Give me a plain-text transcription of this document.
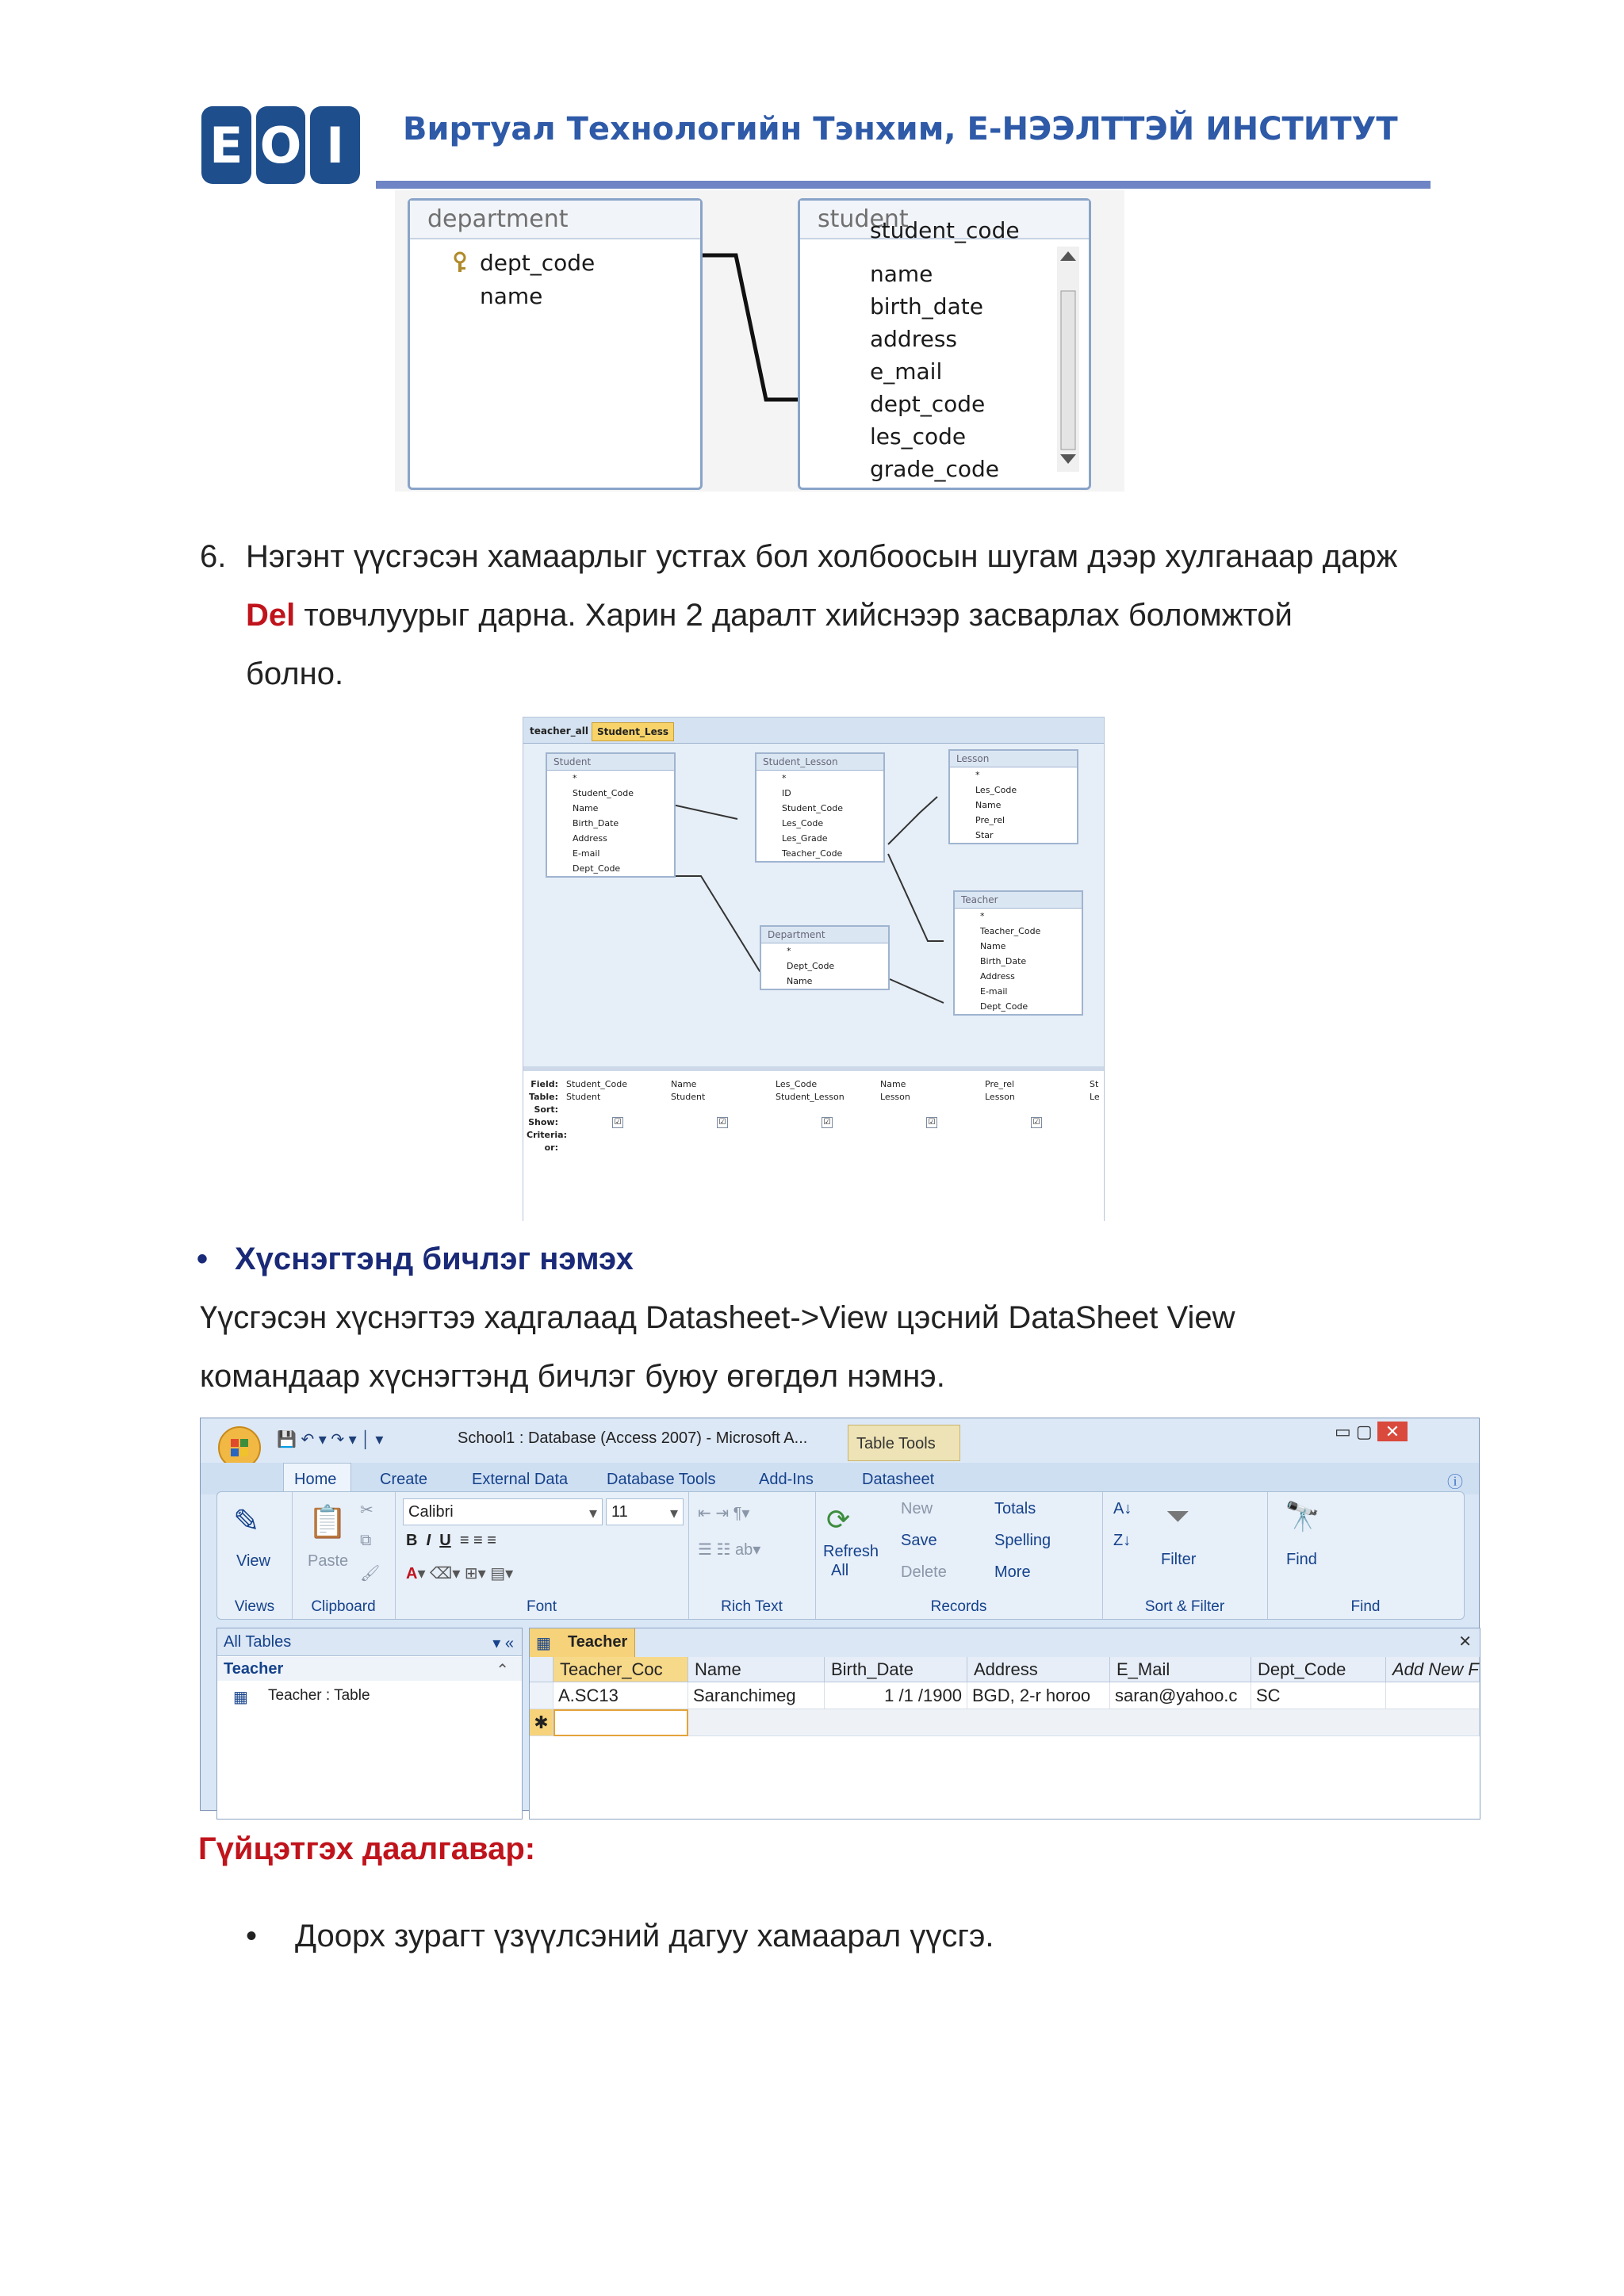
E O I	Виртуал Технологийн Тэнхим, Е-НЭЭЛТТЭЙ ИНСТИТУТ
department
dept_code
name
student
student_code
name
birth_date
address
e_mail
dept_code
les_code
grade_code
6. Нэгэнт үүсгэсэн хамаарлыг устгах бол холбоосын шугам дээр хулганаар дарж
Del товчлуурыг дарна. Харин 2 даралт хийснээр засварлах боломжтой
болно.
teacher_all Student_Less
Student
*
Student_Code
Name
Birth_Date
Address
E-mail
Dept_Code
Student_Lesson
*
ID
Student_Code
Les_Code
Les_Grade
Teacher_Code
Lesson
*
Les_Code
Name
Pre_rel
Star
Department
*
Dept_Code
Name
Teacher
*
Teacher_Code
Name
Birth_Date
Address
E-mail
Dept_Code
Field:
Table:
Sort:
Show:
Criteria:
or:
Student_Code
Student
☑
Name
Student
☑
Les_Code
Student_Lesson
☑
Name
Lesson
☑
Pre_rel
Lesson
☑
St
Le
• Хүснэгтэнд бичлэг нэмэх
Үүсгэсэн хүснэгтээ хадгалаад Datasheet->View цэсний DataSheet View
командаар хүснэгтэнд бичлэг буюу өгөгдөл нэмнэ.
💾 ↶ ▾ ↷ ▾ │ ▾	School1 : Database (Access 2007) - Microsoft A...	Table Tools
▭ ▢ ✕
Home	Create	External Data Database Tools	Add-Ins	Datasheet	ⓘ
✎
View
Views
📋
Paste
✂
⧉
🖌
Clipboard
Calibri	▾ 11	▾
B  I U  ≡ ≡ ≡
A▾ ⌫▾ ⊞▾ ▤▾
Font
⇤ ⇥ ¶▾
☰ ☷ ab▾
Rich Text
⟳
Refresh
All
New
Save
Delete
Totals
Spelling
More
Records
A↓
Z↓
⏷
Filter
Sort & Filter
🔭
Find
Find
All Tables	▾ «
Teacher	⌃
▦ Teacher : Table
▦ Teacher	✕
Teacher_Coc	Name	Birth_Date	Address	E_Mail	Dept_Code	Add New F
A.SC13	Saranchimeg	1 /1 /1900 BGD, 2-r horoo	saran@yahoo.c	SC
✱
Гүйцэтгэх даалгавар:
• Доорх зурагт үзүүлсэний дагуу хамаарал үүсгэ.
